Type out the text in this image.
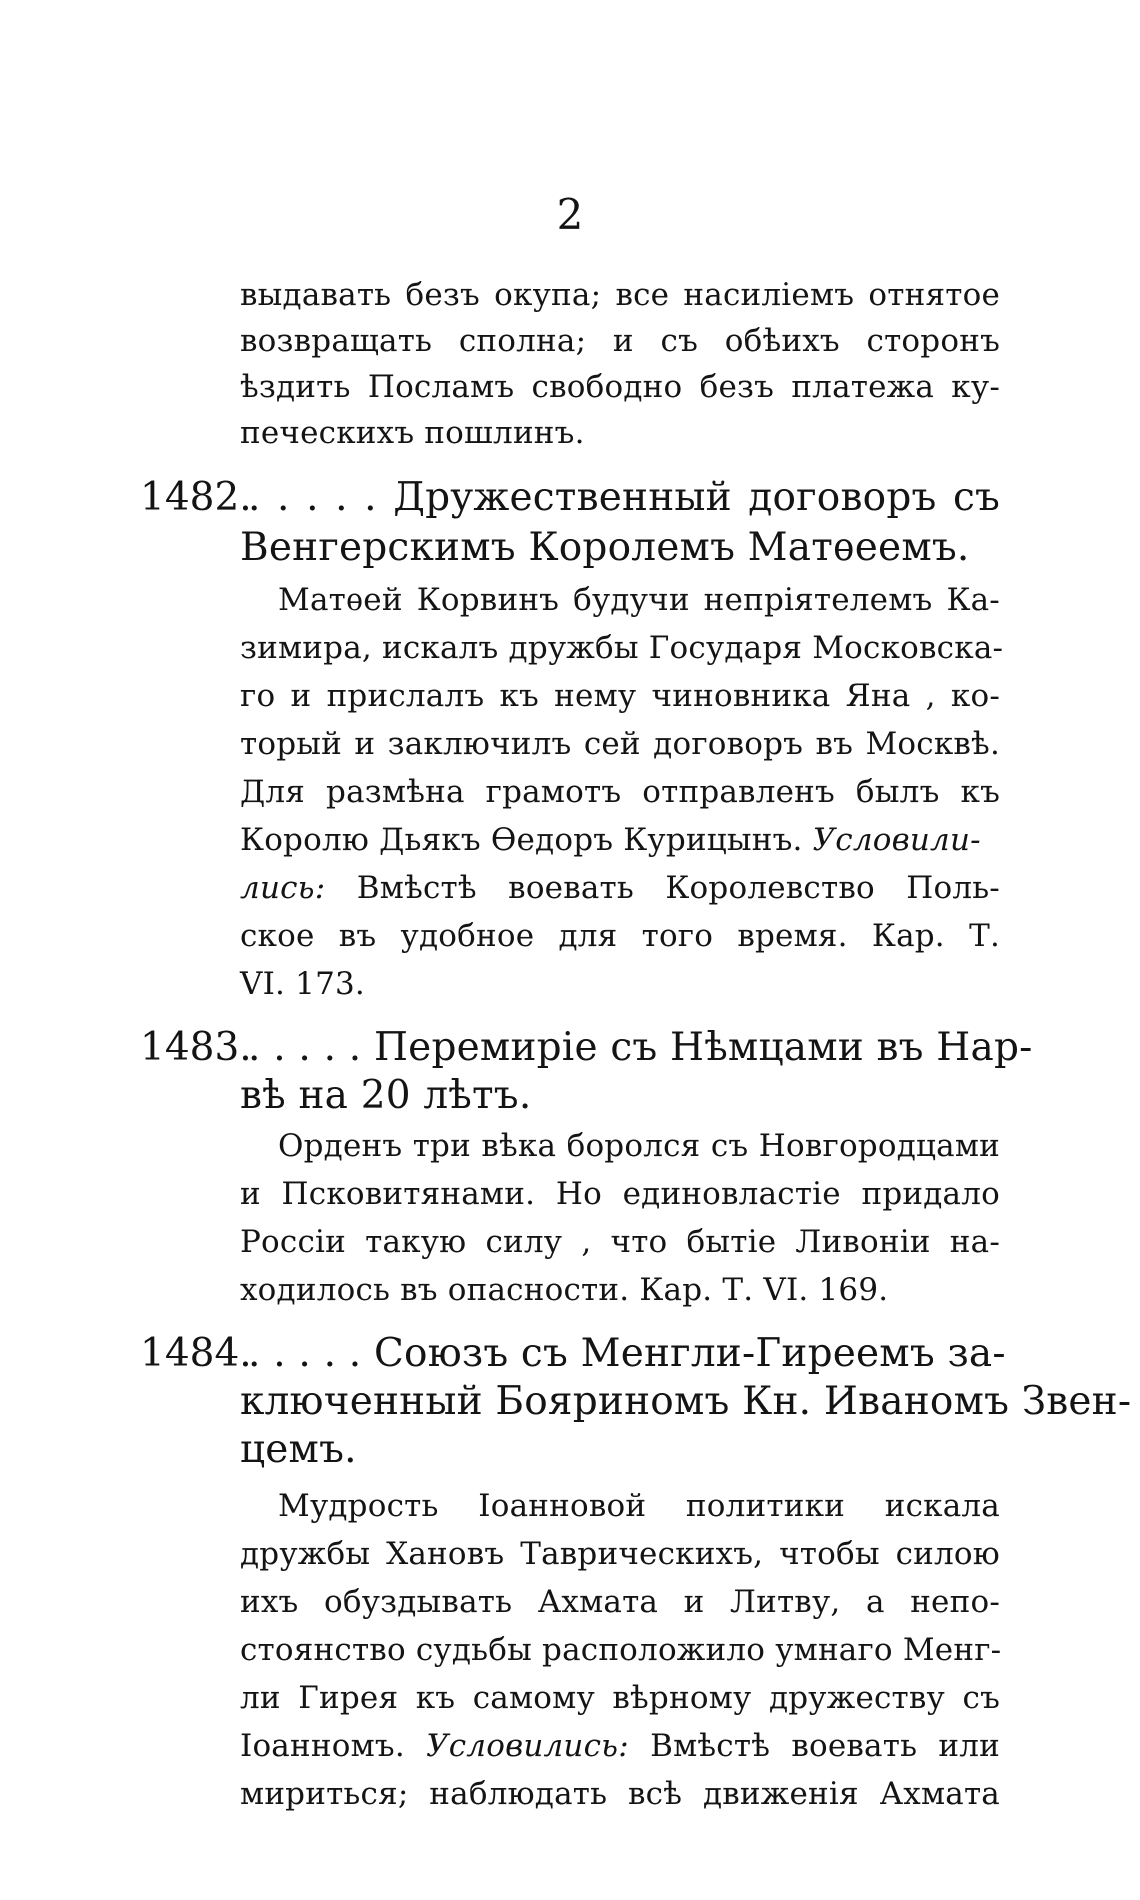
2

выдавать безъ окупа; все насиліемъ отнятое

возвращать сполна; и съ обѣихъ сторонъ

ѣздить Посламъ свободно безъ платежа ку-

печескихъ пошлинъ.

1482.

. . . . . Дружественный договоръ съ

Венгерскимъ Королемъ Матѳеемъ.

Матѳей Корвинъ будучи непріятелемъ Ка-

зимира, искалъ дружбы Государя Московска-

го и прислалъ къ нему чиновника Яна , ко-

торый и заключилъ сей договоръ въ Москвѣ.

Для размѣна грамотъ отправленъ былъ къ

Королю Дьякъ Ѳедоръ Курицынъ. Условили-

лись: Вмѣстѣ воевать Королевство Поль-

ское въ удобное для того время. Кар. Т.

VI. 173.

1483.

. . . . . Перемиріе съ Нѣмцами въ Нар-

вѣ на 20 лѣтъ.

Орденъ три вѣка боролся съ Новгородцами

и Псковитянами. Но единовластіе придало

Россіи такую силу , что бытіе Ливоніи на-

ходилось въ опасности. Кар. Т. VI. 169.

1484.

. . . . . Союзъ съ Менгли-Гиреемъ за-

ключенный Бояриномъ Кн. Иваномъ Звен-

цемъ.

Мудрость Іоанновой политики искала

дружбы Хановъ Таврическихъ, чтобы силою

ихъ обуздывать Ахмата и Литву, а непо-

стоянство судьбы расположило умнаго Менг-

ли Гирея къ самому вѣрному дружеству съ

Іоанномъ. Условились: Вмѣстѣ воевать или

мириться; наблюдать всѣ движенія Ахмата
